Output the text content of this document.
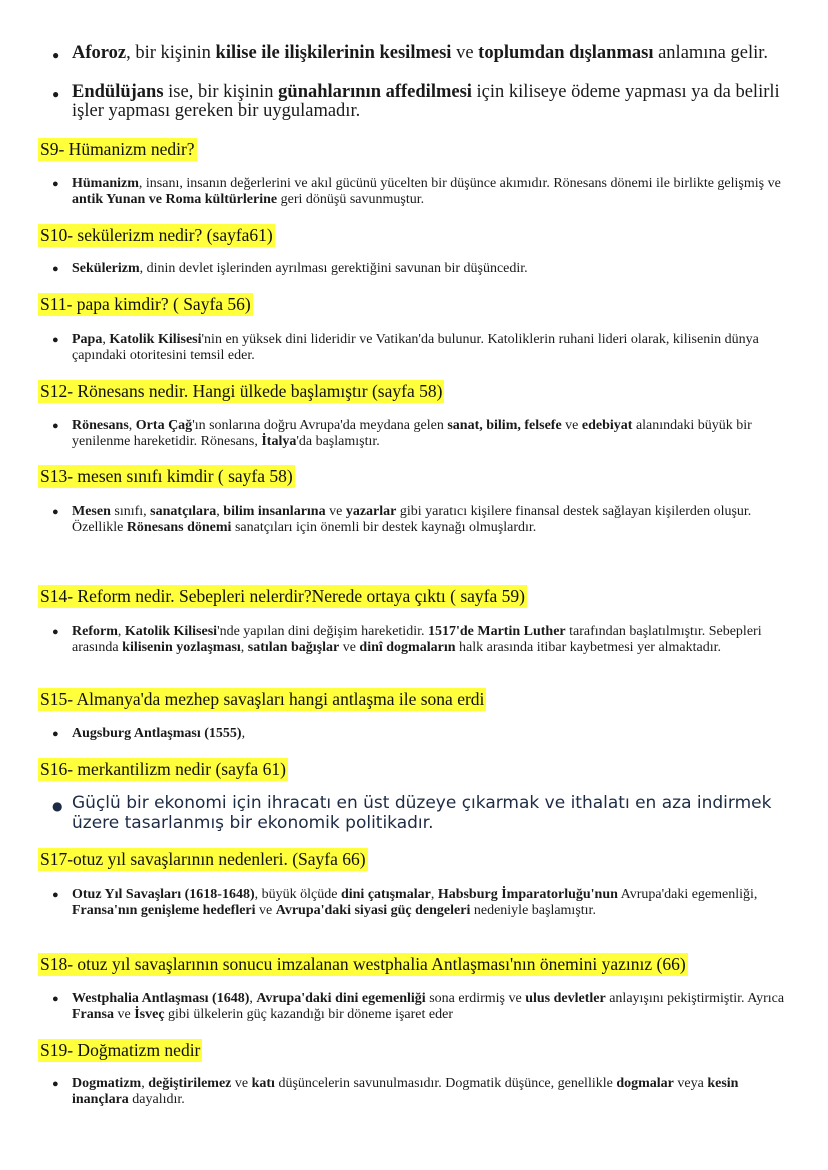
● Aforoz, bir kişinin kilise ile ilişkilerinin kesilmesi ve toplumdan dışlanması anlamına gelir.
● Endülüjans ise, bir kişinin günahlarının affedilmesi için kiliseye ödeme yapması ya da belirli işler yapması gereken bir uygulamadır.
S9- Hümanizm nedir?
● Hümanizm, insanı, insanın değerlerini ve akıl gücünü yücelten bir düşünce akımıdır. Rönesans dönemi ile birlikte gelişmiş ve antik Yunan ve Roma kültürlerine geri dönüşü savunmuştur.
S10- sekülerizm nedir? (sayfa61)
● Sekülerizm, dinin devlet işlerinden ayrılması gerektiğini savunan bir düşüncedir.
S11- papa kimdir? ( Sayfa 56)
● Papa, Katolik Kilisesi'nin en yüksek dini lideridir ve Vatikan'da bulunur. Katoliklerin ruhani lideri olarak, kilisenin dünya çapındaki otoritesini temsil eder.
S12- Rönesans nedir. Hangi ülkede başlamıştır (sayfa 58)
● Rönesans, Orta Çağ'ın sonlarına doğru Avrupa'da meydana gelen sanat, bilim, felsefe ve edebiyat alanındaki büyük bir yenilenme hareketidir. Rönesans, İtalya'da başlamıştır.
S13- mesen sınıfı kimdir ( sayfa 58)
● Mesen sınıfı, sanatçılara, bilim insanlarına ve yazarlar gibi yaratıcı kişilere finansal destek sağlayan kişilerden oluşur. Özellikle Rönesans dönemi sanatçıları için önemli bir destek kaynağı olmuşlardır.
S14- Reform nedir. Sebepleri nelerdir?Nerede ortaya çıktı ( sayfa 59)
● Reform, Katolik Kilisesi'nde yapılan dini değişim hareketidir. 1517'de Martin Luther tarafından başlatılmıştır. Sebepleri arasında kilisenin yozlaşması, satılan bağışlar ve dinî dogmaların halk arasında itibar kaybetmesi yer almaktadır.
S15- Almanya'da mezhep savaşları hangi antlaşma ile sona erdi
● Augsburg Antlaşması (1555),
S16- merkantilizm nedir (sayfa 61)
● Güçlü bir ekonomi için ihracatı en üst düzeye çıkarmak ve ithalatı en aza indirmek üzere tasarlanmış bir ekonomik politikadır.
S17-otuz yıl savaşlarının nedenleri. (Sayfa 66)
● Otuz Yıl Savaşları (1618-1648), büyük ölçüde dini çatışmalar, Habsburg İmparatorluğu'nun Avrupa'daki egemenliği, Fransa'nın genişleme hedefleri ve Avrupa'daki siyasi güç dengeleri nedeniyle başlamıştır.
S18- otuz yıl savaşlarının sonucu imzalanan westphalia Antlaşması'nın önemini yazınız (66)
● Westphalia Antlaşması (1648), Avrupa'daki dini egemenliği sona erdirmiş ve ulus devletler anlayışını pekiştirmiştir. Ayrıca Fransa ve İsveç gibi ülkelerin güç kazandığı bir döneme işaret eder
S19- Doğmatizm nedir
● Dogmatizm, değiştirilemez ve katı düşüncelerin savunulmasıdır. Dogmatik düşünce, genellikle dogmalar veya kesin inançlara dayalıdır.
